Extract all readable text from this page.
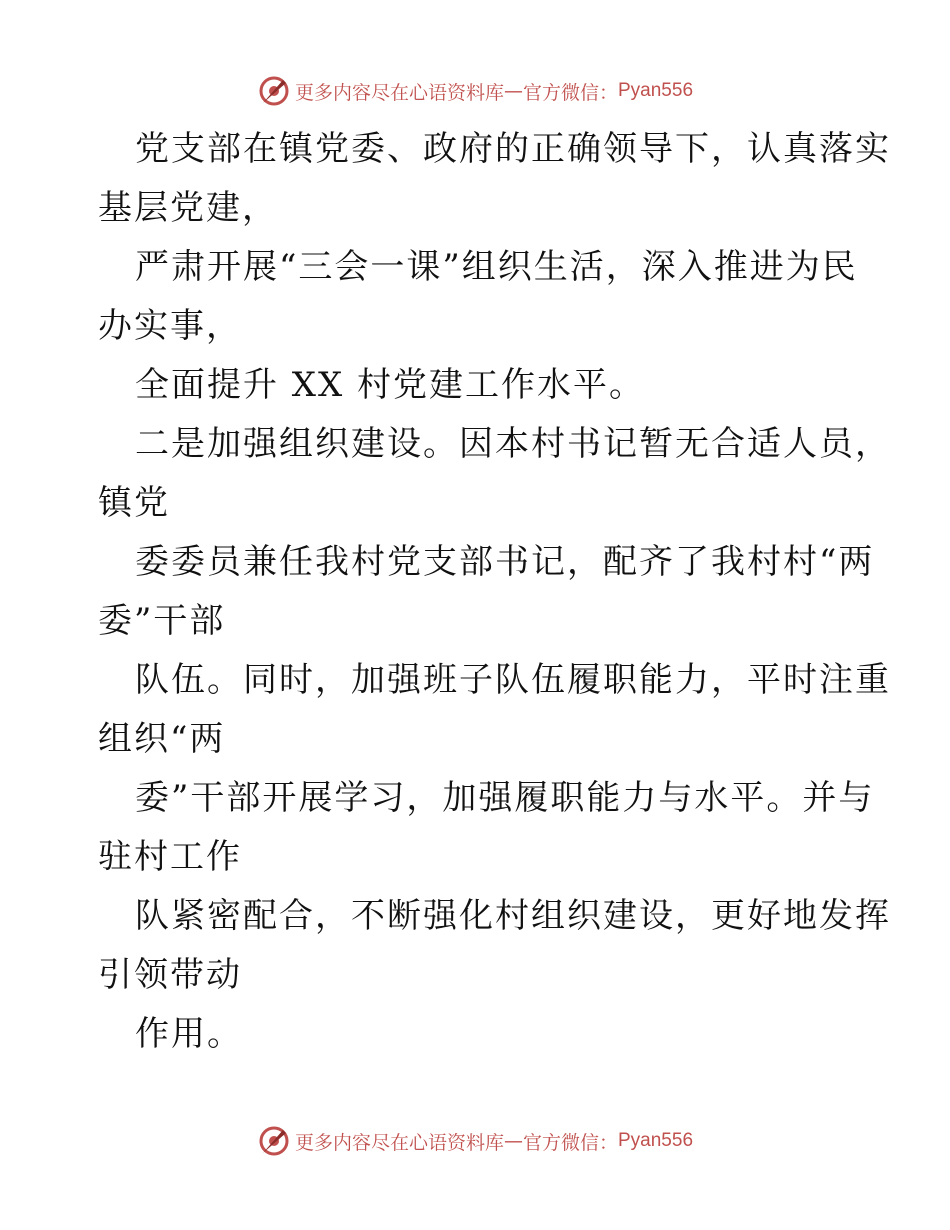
更多内容尽在心语资料库 — 官方微信： Pyan556
党支部在镇党委、政府的正确领导下，认真落实
基层党建，
严肃开展“三会一课”组织生活，深入推进为民
办实事，
全面提升 XX 村党建工作水平。
二是加强组织建设。因本村书记暂无合适人员，
镇党
委委员兼任我村党支部书记，配齐了我村村“两
委”干部
队伍。同时，加强班子队伍履职能力，平时注重
组织“两
委”干部开展学习，加强履职能力与水平。并与
驻村工作
队紧密配合，不断强化村组织建设，更好地发挥
引领带动
作用。
更多内容尽在心语资料库 — 官方微信： Pyan556
